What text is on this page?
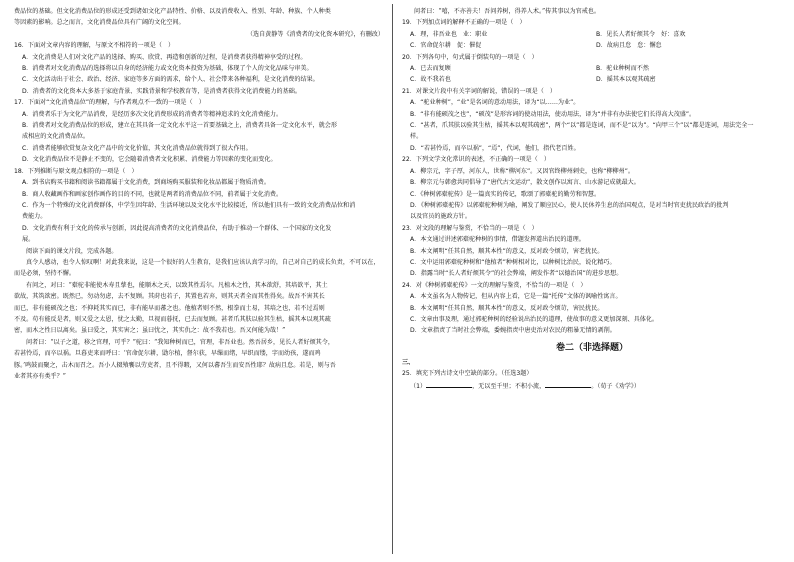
费品位的基础。但文化消费品位的形成还受到诸如文化产品特性、价格、以及消费收入、性别、年龄、种族、个人种类

等因素的影响。总之而言，文化消费品位具有广阔的文化空间。

（选自黄静等《消费者的文化资本研究》，有删改）

16．下面对文章内容的理解，与原文不相符的一项是（　）

A．文化消费是人们对文化产品的选择、购买、欣赏、再造和创新的过程，是消费者获得精神享受的过程。

B．消费者对文化消费品的选择将以自身的经济能力或文化资本投资为基础，体现了个人的文化品味与审美。

C．文化活动出于社会、政治、经济、家庭等多方面的需求，给个人、社会带来各种福利，是文化消费的结果。

D．消费者的文化资本大多基于家庭背景、实践背景和学校教育等，是消费者获得文化消费能力的基础。

17．下面对“文化消费品位”的理解，与作者观点不一致的一项是（　）

A．消费者乐于为文化产品消费，是经历多次文化消费形成的消费者等精神追求的文化消费能力。

B．消费者对文化消费品位的形成，建立在其具备一定文化水平这一首要基础之上，消费者具备一定文化水平，就会形

成相应的文化消费品位。

C．消费者能够欣赏复杂文化产品中的文化价值，其文化消费品位就得到了很大作用。

D．文化消费品位不是静止不变的，它会随着消费者文化积累、消费能力等因素的变化而变化。

18．下列推断与原文观点相符的一项是（　）

A．到书店购买书籍和阅读书籍都属于文化消费，到商场购买服装和化妆品都属于物质消费。

B．商人收藏画作和画家创作画作的目的不同，也就是两者的消费品位不同，前者属于文化消费。

C．作为一个特殊的文化消费群体，中学生因年龄、生活环境以及文化水平比较接近，所以他们具有一致的文化消费品位和消

费能力。

D．文化消费有利于文化的传承与创新，因此提高消费者的文化消费品位，有助于推动一个群体、一个国家的文化发

展。

阅读下面的课文片段，完成各题。

真令人感动，也令人惊叹啊！对此我来说，这是一个很好的人生教育，是我们应该认真学习的，自己对自己的成长负责，不可以在，

而是必须，坚持不懈。

有问之，对曰：“橐驼非能使木寿且孳也，能顺木之天，以致其性焉尔。凡植木之性，其本欲舒，其培欲平，其土

欲故，其筑欲密。既然已，勿动勿虑，去不复顾。其莳也若子，其置也若弃，则其天者全而其性得矣。故吾不害其长

而已，非有能硕茂之也；不抑耗其实而已，非有能早而蕃之也。他植者则不然，根拳而土易，其培之也，若不过焉则

不及。苟有能反是者，则又爱之太恩，忧之太勤，旦视而暮抚，已去而复顾。甚者爪其肤以验其生枯，摇其本以观其疏

密，而木之性日以离矣。虽曰爱之，其实害之；虽曰忧之，其实仇之：故不我若也。吾又何能为哉！”

问者曰：“以子之道，移之官理，可乎？”驼曰：“我知种树而已，官理，非吾业也。然吾居乡，见长人者好烦其令，

若甚怜焉，而卒以祸。旦暮吏来而呼曰：‘官命促尔耕，勖尔植，督尔获，早缫而绪，早织而缕，字而幼孩，遂而鸡

豚。’鸣鼓而聚之，击木而召之。吾小人辍飧饔以劳吏者，且不得暇，又何以蕃吾生而安吾性耶？故病且怠。若是，则与吾

业者其亦有类乎？”

问者曰：“嘻，不亦善夫！吾问养树，得养人术。”传其事以为官戒也。

19．下列加点词的解释不正确的一项是（　）

A．理，非吾业也　业：职业	B．见长人者好烦其令　好：喜欢
C．官命促尔耕　促：催促	D．故病且怠　怠：懈怠

20．下列各句中，句式属于倒装句的一项是（　）

A．已去而复顾	B．驼业种树而不然
C．故不我若也	D．摇其本以观其疏密

21．对课文片段中有关字词的解说，错误的一项是（　）

A．“驼业种树”，“业”是名词的意动用法，译为“以……为业”。

B．“非有能硕茂之也”，“硕茂”是形容词的使动用法，使动用法，译为“并非有办法使它们长得高大茂盛”。

C．“甚者，爪其肤以验其生枯，摇其本以观其疏密”，两个“以”都是连词，而不是“以为”。“向甲三个”以“都是连词，用法完全一

样。

D．“若甚怜焉，而卒以祸”，“焉”，代词，他们，指代老百姓。

22．下列文学文化常识的表述，不正确的一项是（　）

A．柳宗元，字子厚，河东人，世称“柳河东”。又因官终柳州刺史，也称“柳柳州”。

B．柳宗元与韩愈共同倡导了“唐代古文运动”，散文创作以寓言、山水游记成就最大。

C．《种树郭橐驼传》是一篇真实的传记，歌颂了郭橐驼的勤劳和智慧。

D．《种树郭橐驼传》以郭橐驼种树为喻，阐发了顺应民心，使人民休养生息的治国观点，是对当时官吏扰民政治的批判

以及官员的施政方针。

23．对文段的理解与鉴赏，不恰当的一项是（　）

A．本文通过讲述郭橐驼种树的事情，借题发挥道出治民的道理。

B．本文阐明“任其自然，顺其本性”的意义，反对政令烦苛，害老扰民。

C．文中运用郭橐驼种树和“他植者”种树相对比，以种树比治民，说化精巧。

D．指露当时“长人者好烦其令”的社会弊端，阐发作者“以德治国”的进步思想。

24．对《种树郭橐驼传》一文的理解与鉴赏，不恰当的一项是（　）

A．本文虽名为人物传记，但从内容上看，它是一篇“托传”文体的讽喻性寓言。

B．本文阐明“任其自然，顺其本性”的意义，反对政令烦苛，害民扰民。

C．文章由事及理，通过郭驼种树的经验说出治民的道理，使故事的意义更加深刻、具体化。

D．文章指责了当时社会弊端，委婉指责中唐吏治对农民的粗暴无情的剥削。

卷二（非选择题）

三、

25．填充下列古诗文中空缺的部分。（任选3题）

（1）	，无以至千里；不积小流，	。（荀子《劝学》）
